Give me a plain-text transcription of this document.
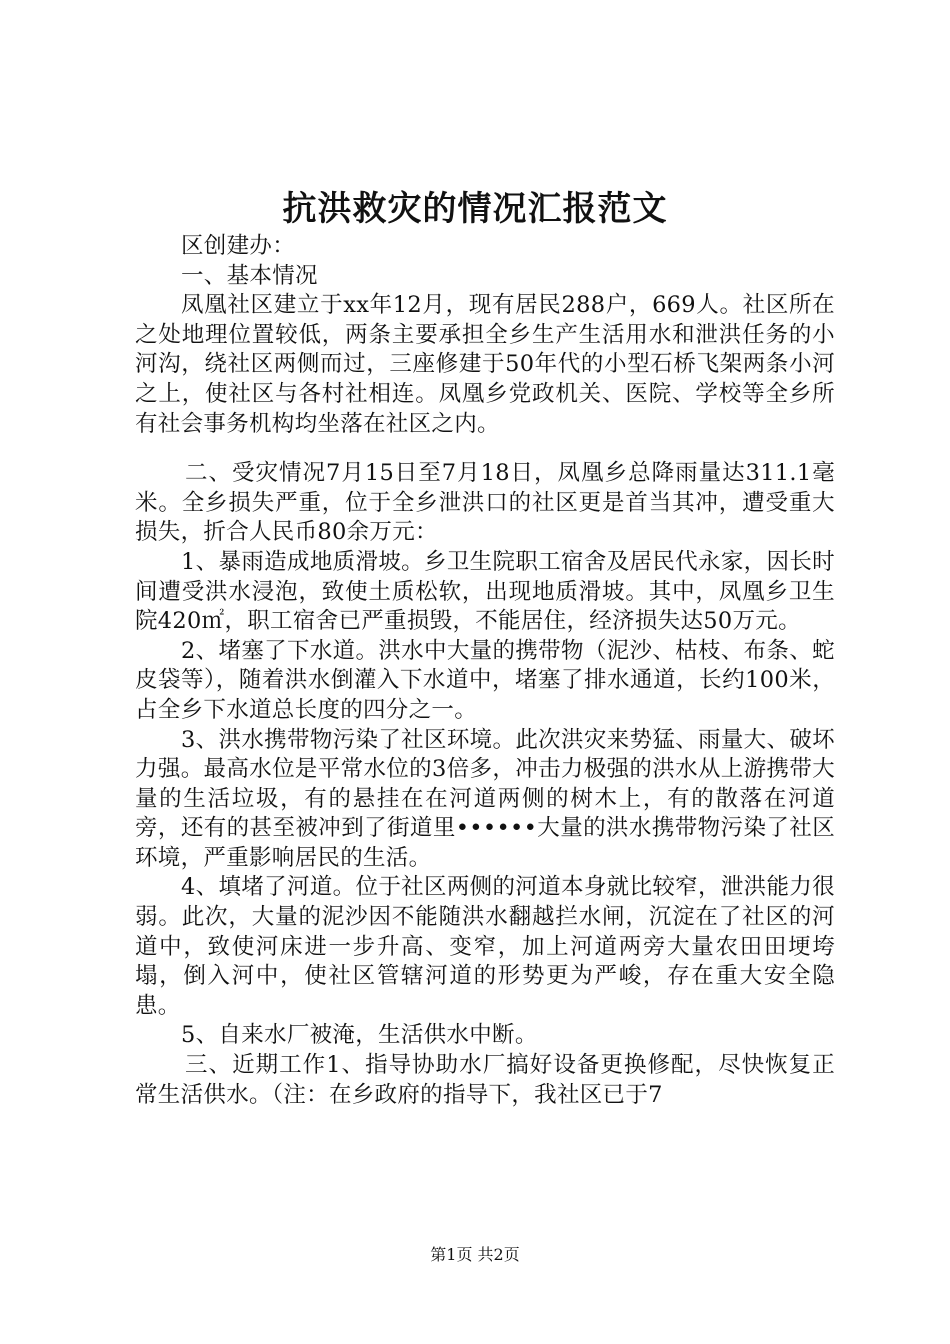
抗洪救灾的情况汇报范文

区创建办：

一、基本情况

凤凰社区建立于xx年12月，现有居民288户，669人。社区所在之处地理位置较低，两条主要承担全乡生产生活用水和泄洪任务的小河沟，绕社区两侧而过，三座修建于50年代的小型石桥飞架两条小河之上，使社区与各村社相连。凤凰乡党政机关、医院、学校等全乡所有社会事务机构均坐落在社区之内。

二、受灾情况7月15日至7月18日，凤凰乡总降雨量达311.1毫米。全乡损失严重，位于全乡泄洪口的社区更是首当其冲，遭受重大损失，折合人民币80余万元：

1、暴雨造成地质滑坡。乡卫生院职工宿舍及居民代永家，因长时间遭受洪水浸泡，致使土质松软，出现地质滑坡。其中，凤凰乡卫生院420㎡，职工宿舍已严重损毁，不能居住，经济损失达50万元。

2、堵塞了下水道。洪水中大量的携带物（泥沙、枯枝、布条、蛇皮袋等），随着洪水倒灌入下水道中，堵塞了排水通道，长约100米，占全乡下水道总长度的四分之一。

3、洪水携带物污染了社区环境。此次洪灾来势猛、雨量大、破坏力强。最高水位是平常水位的3倍多，冲击力极强的洪水从上游携带大量的生活垃圾，有的悬挂在在河道两侧的树木上，有的散落在河道旁，还有的甚至被冲到了街道里••••••大量的洪水携带物污染了社区环境，严重影响居民的生活。

4、填堵了河道。位于社区两侧的河道本身就比较窄，泄洪能力很弱。此次，大量的泥沙因不能随洪水翻越拦水闸，沉淀在了社区的河道中，致使河床进一步升高、变窄，加上河道两旁大量农田田埂垮塌，倒入河中，使社区管辖河道的形势更为严峻，存在重大安全隐患。

5、自来水厂被淹，生活供水中断。

三、近期工作1、指导协助水厂搞好设备更换修配，尽快恢复正常生活供水。（注：在乡政府的指导下，我社区已于7

第1页 共2页
